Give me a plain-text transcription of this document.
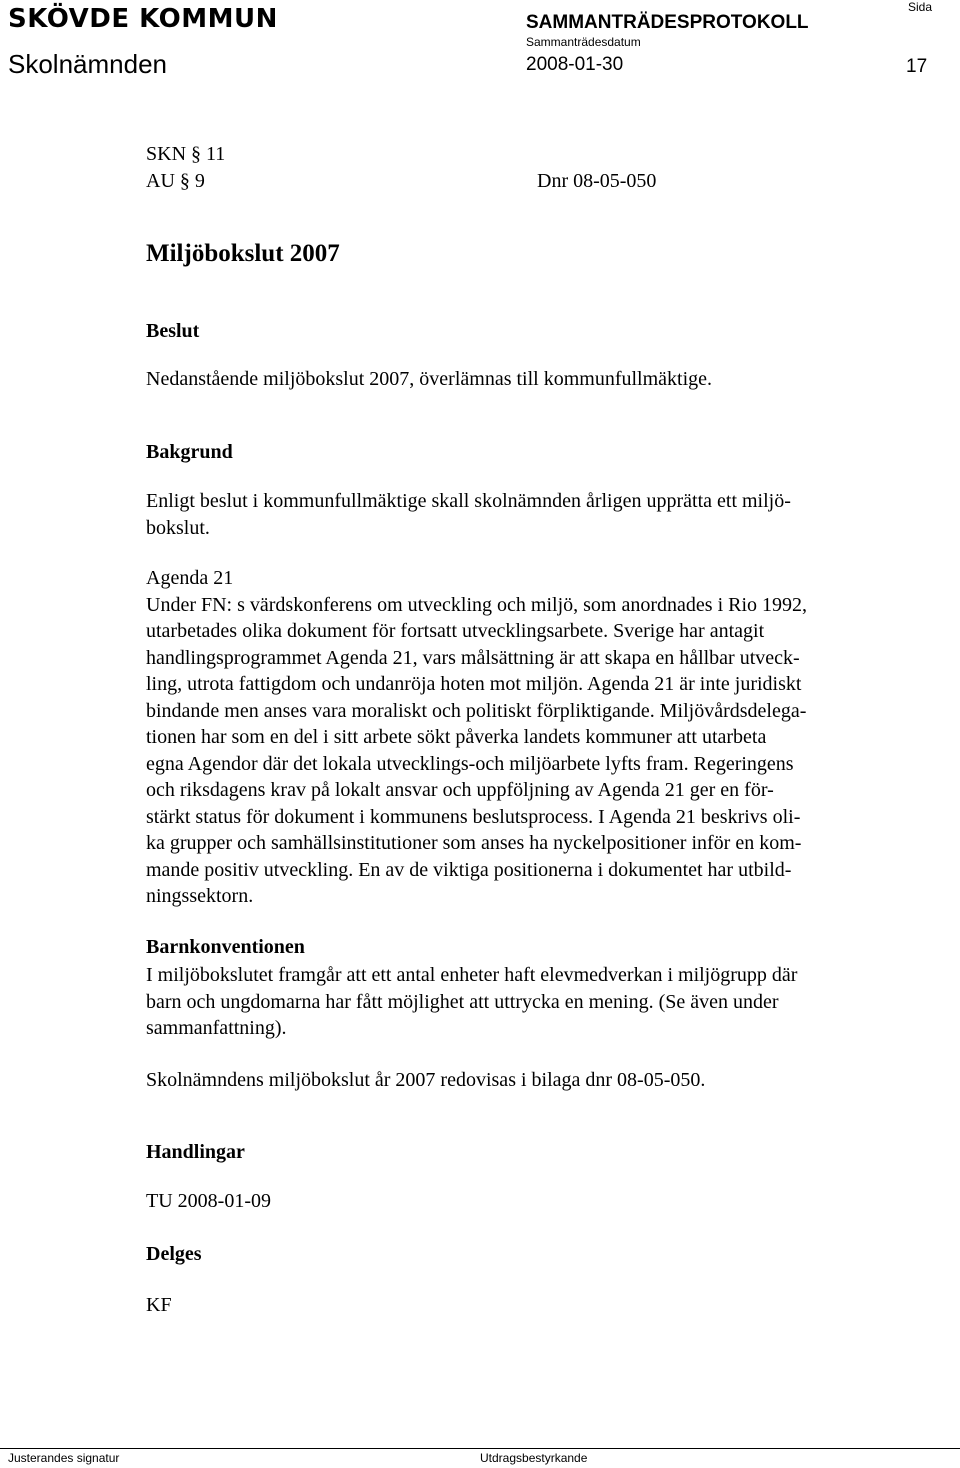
SKÖVDE KOMMUN	SAMMANTRÄDESPROTOKOLL
Sammanträdesdatum
Sida
Skolnämnden	2008-01-30	17
SKN § 11
AU § 9	Dnr 08-05-050
Miljöbokslut 2007
Beslut
Nedanstående miljöbokslut 2007, överlämnas till kommunfullmäktige.
Bakgrund

Enligt beslut i kommunfullmäktige skall skolnämnden årligen upprätta ett miljö-

bokslut.

Agenda 21

Under FN: s värdskonferens om utveckling och miljö, som anordnades i Rio 1992,

utarbetades olika dokument för fortsatt utvecklingsarbete. Sverige har antagit

handlingsprogrammet Agenda 21, vars målsättning är att skapa en hållbar utveck-

ling, utrota fattigdom och undanröja hoten mot miljön. Agenda 21 är inte juridiskt

bindande men anses vara moraliskt och politiskt förpliktigande. Miljövårdsdelega-

tionen har som en del i sitt arbete sökt påverka landets kommuner att utarbeta

egna Agendor där det lokala utvecklings-och miljöarbete lyfts fram. Regeringens

och riksdagens krav på lokalt ansvar och uppföljning av Agenda 21 ger en för-

stärkt status för dokument i kommunens beslutsprocess. I Agenda 21 beskrivs oli-

ka grupper och samhällsinstitutioner som anses ha nyckelpositioner inför en kom-

mande positiv utveckling. En av de viktiga positionerna i dokumentet har utbild-

ningssektorn.

Barnkonventionen

I miljöbokslutet framgår att ett antal enheter haft elevmedverkan i miljögrupp där

barn och ungdomarna har fått möjlighet att uttrycka en mening. (Se även under

sammanfattning).

Skolnämndens miljöbokslut år 2007 redovisas i bilaga dnr 08-05-050.
Handlingar
TU 2008-01-09
Delges
KF
Justerandes signatur	Utdragsbestyrkande
